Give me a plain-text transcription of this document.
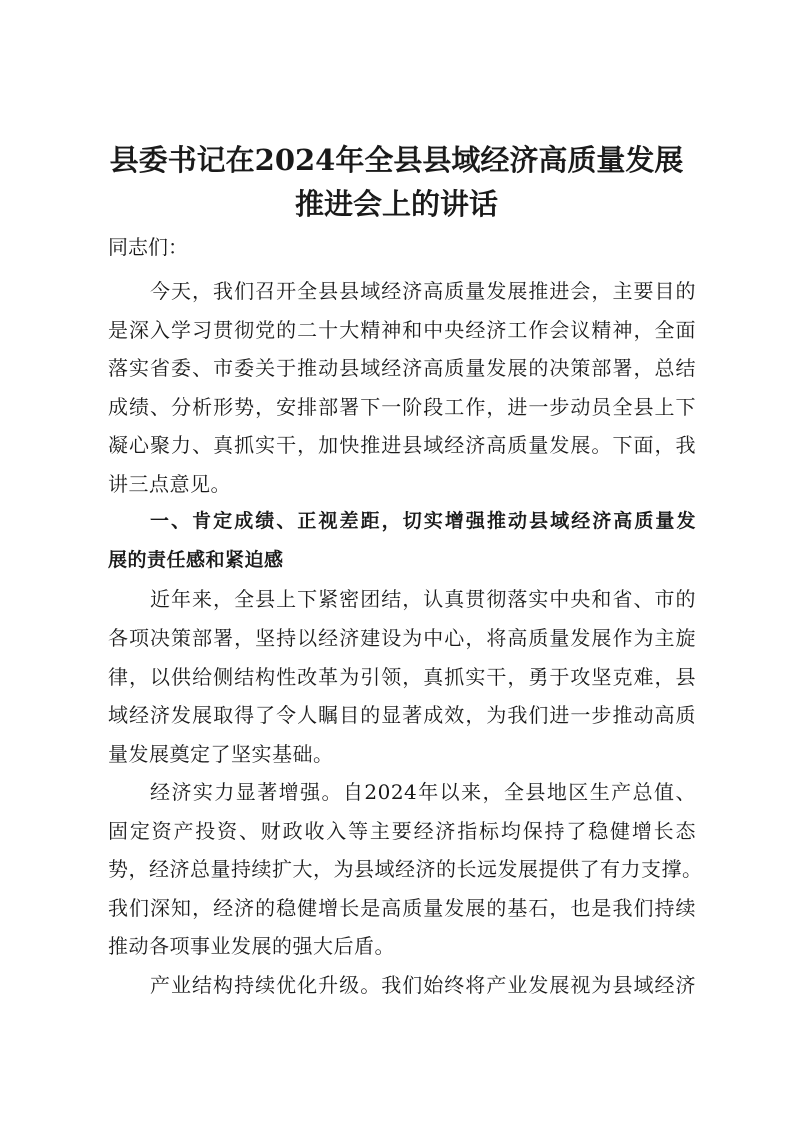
县委书记在2024年全县县域经济高质量发展
推进会上的讲话

同志们：

今天，我们召开全县县域经济高质量发展推进会，主要目的

是深入学习贯彻党的二十大精神和中央经济工作会议精神，全面

落实省委、市委关于推动县域经济高质量发展的决策部署，总结

成绩、分析形势，安排部署下一阶段工作，进一步动员全县上下

凝心聚力、真抓实干，加快推进县域经济高质量发展。下面，我

讲三点意见。

一、肯定成绩、正视差距，切实增强推动县域经济高质量发

展的责任感和紧迫感

近年来，全县上下紧密团结，认真贯彻落实中央和省、市的

各项决策部署，坚持以经济建设为中心，将高质量发展作为主旋

律，以供给侧结构性改革为引领，真抓实干，勇于攻坚克难，县

域经济发展取得了令人瞩目的显著成效，为我们进一步推动高质

量发展奠定了坚实基础。

经济实力显著增强。自2024年以来，全县地区生产总值、

固定资产投资、财政收入等主要经济指标均保持了稳健增长态

势，经济总量持续扩大，为县域经济的长远发展提供了有力支撑。

我们深知，经济的稳健增长是高质量发展的基石，也是我们持续

推动各项事业发展的强大后盾。

产业结构持续优化升级。我们始终将产业发展视为县域经济
